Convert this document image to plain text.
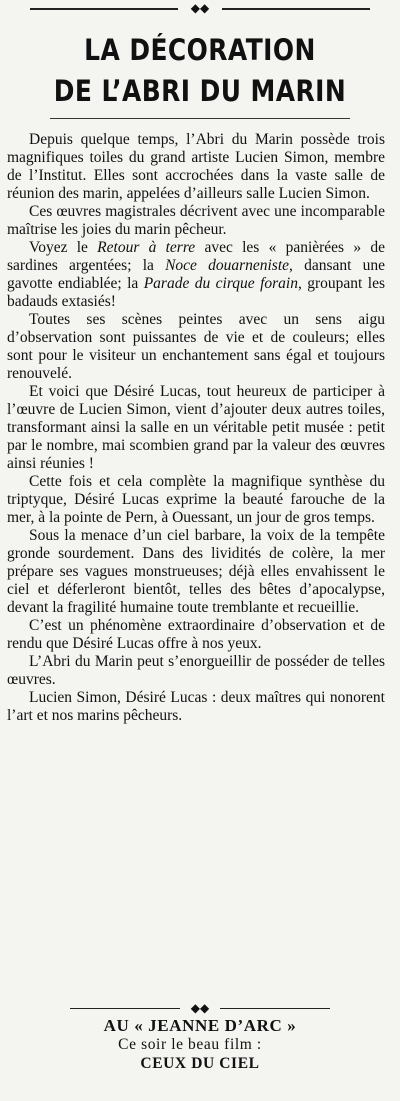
◆◆
LA DÉCORATION
DE L’ABRI DU MARIN

Depuis quelque temps, l’Abri du Marin possède trois magnifiques toiles du grand artiste Lucien Simon, membre de l’Institut. Elles sont accrochées dans la vaste salle de réunion des marin, appelées d’ailleurs salle Lucien Simon.

Ces œuvres magistrales décrivent avec une incomparable maîtrise les joies du marin pêcheur.

Voyez le Retour à terre avec les « panièrées » de sardines argentées; la Noce douarneniste, dansant une gavotte endiablée; la Parade du cirque forain, groupant les badauds extasiés!

Toutes ses scènes peintes avec un sens aigu d’observation sont puissantes de vie et de couleurs; elles sont pour le visiteur un enchantement sans égal et toujours renouvelé.

Et voici que Désiré Lucas, tout heureux de participer à l’œuvre de Lucien Simon, vient d’ajouter deux autres toiles, transformant ainsi la salle en un véritable petit musée : petit par le nombre, mai scombien grand par la valeur des œuvres ainsi réunies !

Cette fois et cela complète la magnifique synthèse du triptyque, Désiré Lucas exprime la beauté farouche de la mer, à la pointe de Pern, à Ouessant, un jour de gros temps.

Sous la menace d’un ciel barbare, la voix de la tempête gronde sourdement. Dans des lividités de colère, la mer prépare ses vagues monstrueuses; déjà elles envahissent le ciel et déferleront bientôt, telles des bêtes d’apocalypse, devant la fragilité humaine toute tremblante et recueillie.

C’est un phénomène extraordinaire d’observation et de rendu que Désiré Lucas offre à nos yeux.

L’Abri du Marin peut s’enorgueillir de posséder de telles œuvres.

Lucien Simon, Désiré Lucas : deux maîtres qui nonorent l’art et nos marins pêcheurs.

◆◆
AU « JEANNE D’ARC »
Ce soir le beau film :
CEUX DU CIEL
